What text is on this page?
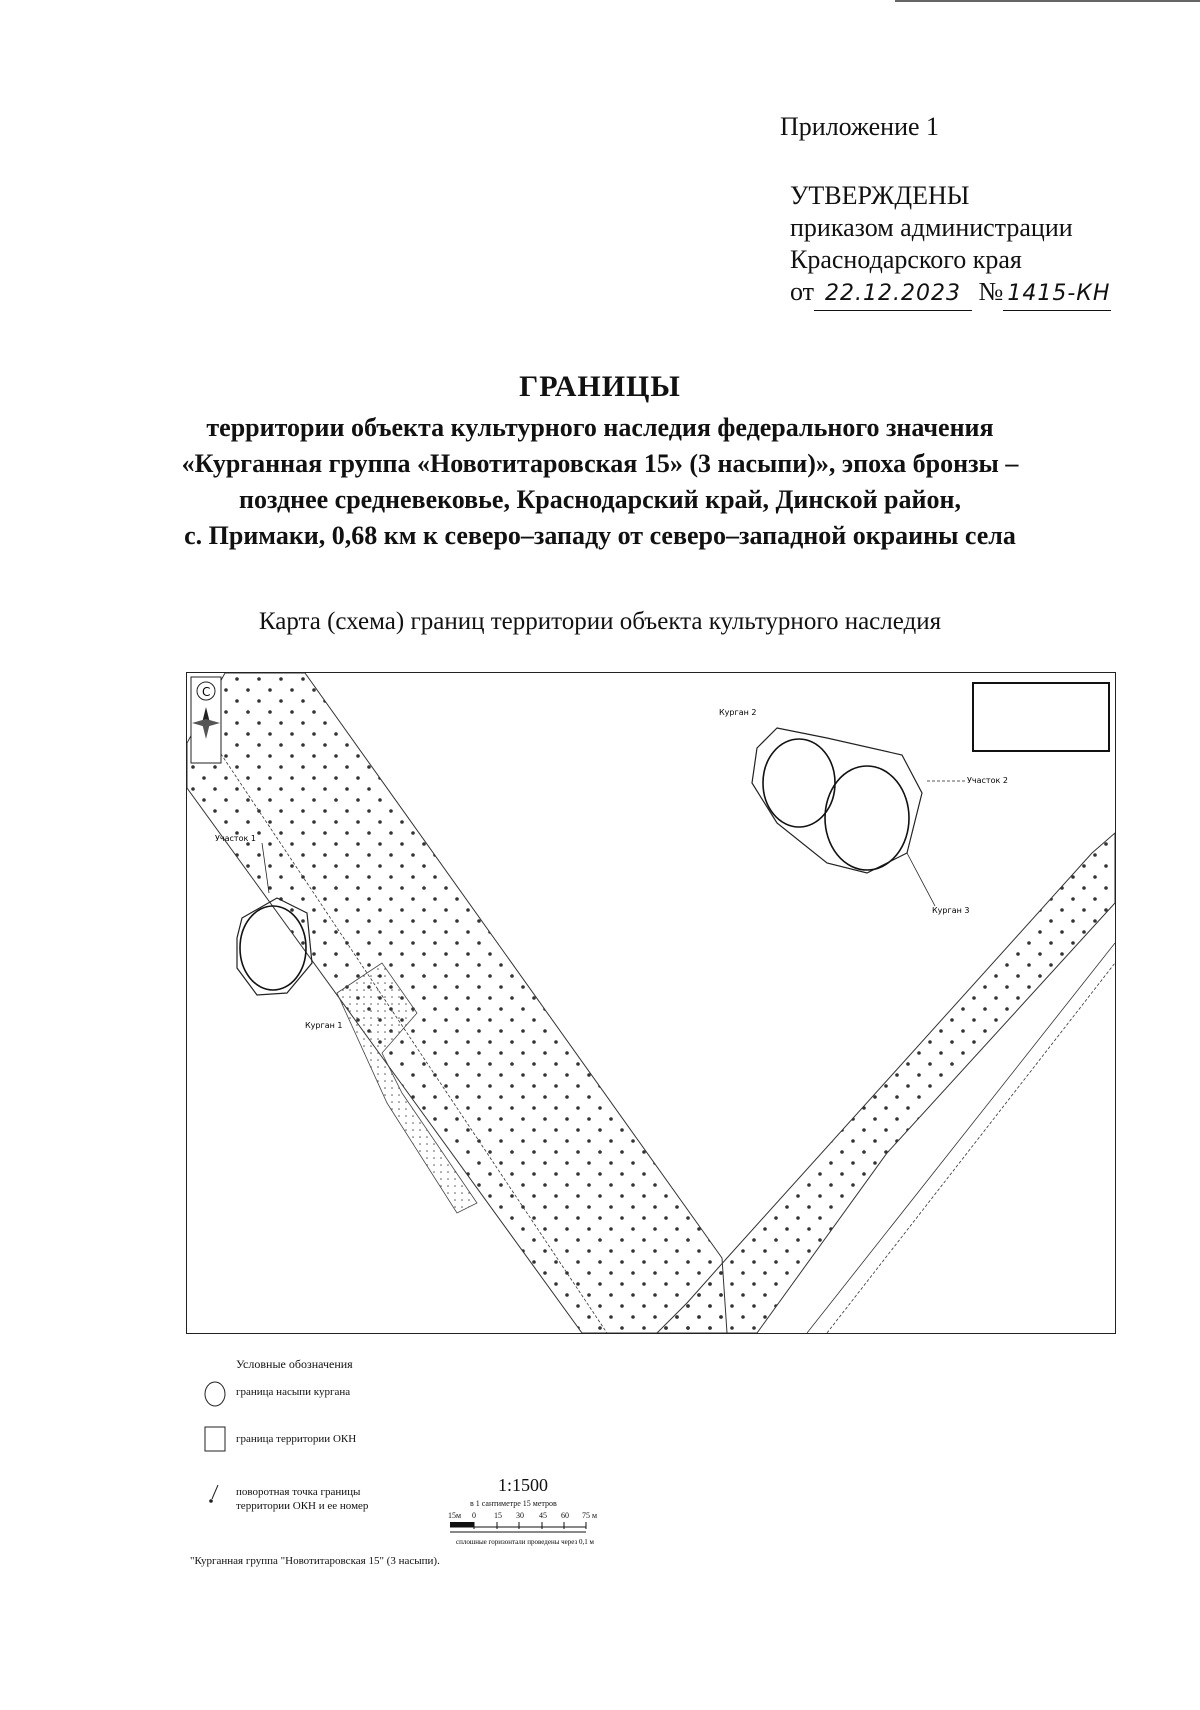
Приложение 1
УТВЕРЖДЕНЫ
приказом администрации
Краснодарского края
от 22.12.2023 № 1415-КН
ГРАНИЦЫ
территории объекта культурного наследия федерального значения
«Курганная группа «Новотитаровская 15» (3 насыпи)», эпоха бронзы –
позднее средневековье, Краснодарский край, Динской район,
с. Примаки, 0,68 км к северо–западу от северо–западной окраины села
Карта (схема) границ территории объекта культурного наследия
С
Курган 1
Участок 1
Курган 2
Курган 3
Участок 2
Условные обозначения
граница насыпи кургана
граница территории ОКН
поворотная точка границы территории ОКН и ее номер
1:1500
в 1 сантиметре 15 метров
15м 0 15 30 45 60 75 м
сплошные горизонтали проведены через 0,1 м
"Курганная группа "Новотитаровская 15" (3 насыпи).
